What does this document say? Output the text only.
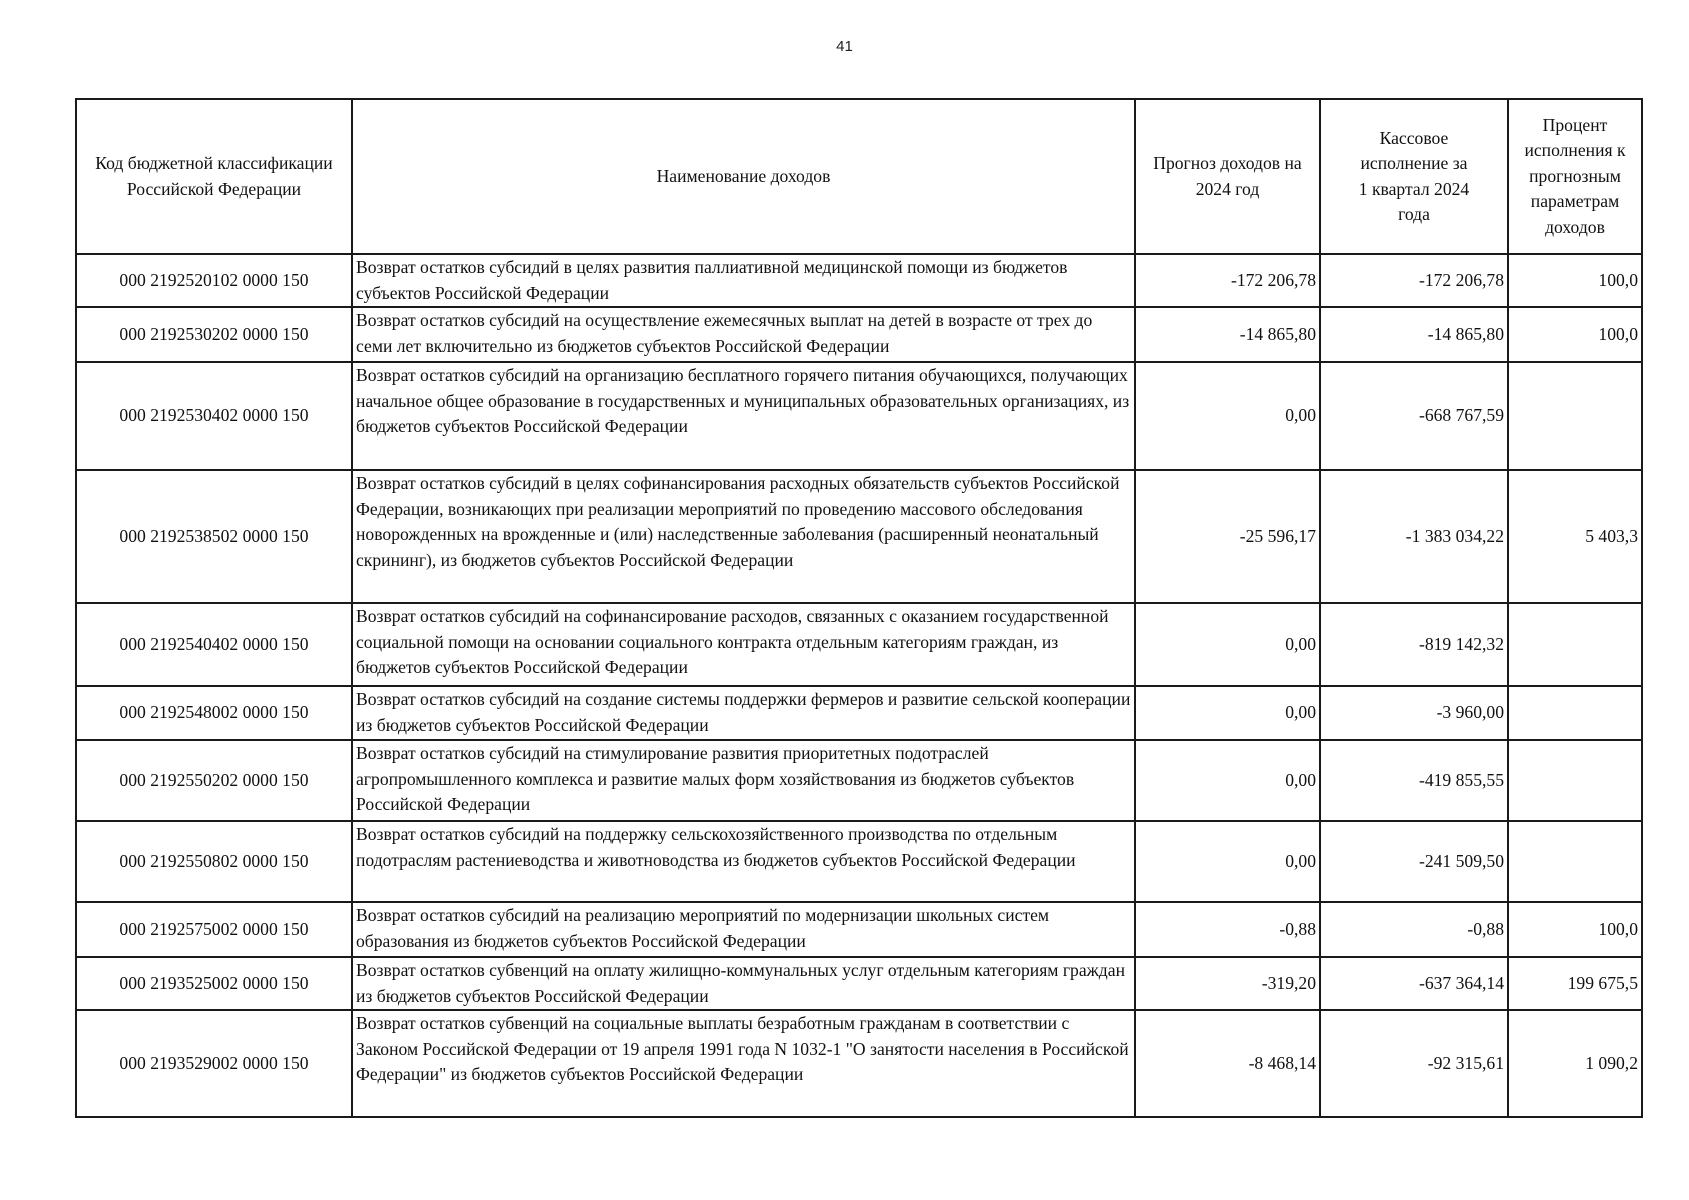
41
Код бюджетной классификации Российской Федерации	Наименование доходов	Прогноз доходов на 2024 год	Кассовое исполнение за 1 квартал 2024 года	Процент исполнения к прогнозным параметрам доходов
000 2192520102 0000 150	Возврат остатков субсидий в целях развития паллиативной медицинской помощи из бюджетов субъектов Российской Федерации	-172 206,78	-172 206,78	100,0
000 2192530202 0000 150	Возврат остатков субсидий на осуществление ежемесячных выплат на детей в возрасте от трех до семи лет включительно из бюджетов субъектов Российской Федерации	-14 865,80	-14 865,80	100,0
000 2192530402 0000 150	Возврат остатков субсидий на организацию бесплатного горячего питания обучающихся, получающих начальное общее образование в государственных и муниципальных образовательных организациях, из бюджетов субъектов Российской Федерации	0,00	-668 767,59	
000 2192538502 0000 150	Возврат остатков субсидий в целях софинансирования расходных обязательств субъектов Российской Федерации, возникающих при реализации мероприятий по проведению массового обследования новорожденных на врожденные и (или) наследственные заболевания (расширенный неонатальный скрининг), из бюджетов субъектов Российской Федерации	-25 596,17	-1 383 034,22	5 403,3
000 2192540402 0000 150	Возврат остатков субсидий на софинансирование расходов, связанных с оказанием государственной социальной помощи на основании социального контракта отдельным категориям граждан, из бюджетов субъектов Российской Федерации	0,00	-819 142,32	
000 2192548002 0000 150	Возврат остатков субсидий на создание системы поддержки фермеров и развитие сельской кооперации из бюджетов субъектов Российской Федерации	0,00	-3 960,00	
000 2192550202 0000 150	Возврат остатков субсидий на стимулирование развития приоритетных подотраслей агропромышленного комплекса и развитие малых форм хозяйствования из бюджетов субъектов Российской Федерации	0,00	-419 855,55	
000 2192550802 0000 150	Возврат остатков субсидий на поддержку сельскохозяйственного производства по отдельным подотраслям растениеводства и животноводства из бюджетов субъектов Российской Федерации	0,00	-241 509,50	
000 2192575002 0000 150	Возврат остатков субсидий на реализацию мероприятий по модернизации школьных систем образования из бюджетов субъектов Российской Федерации	-0,88	-0,88	100,0
000 2193525002 0000 150	Возврат остатков субвенций на оплату жилищно-коммунальных услуг отдельным категориям граждан из бюджетов субъектов Российской Федерации	-319,20	-637 364,14	199 675,5
000 2193529002 0000 150	Возврат остатков субвенций на социальные выплаты безработным гражданам в соответствии с Законом Российской Федерации от 19 апреля 1991 года N 1032-1 "О занятости населения в Российской Федерации" из бюджетов субъектов Российской Федерации	-8 468,14	-92 315,61	1 090,2
